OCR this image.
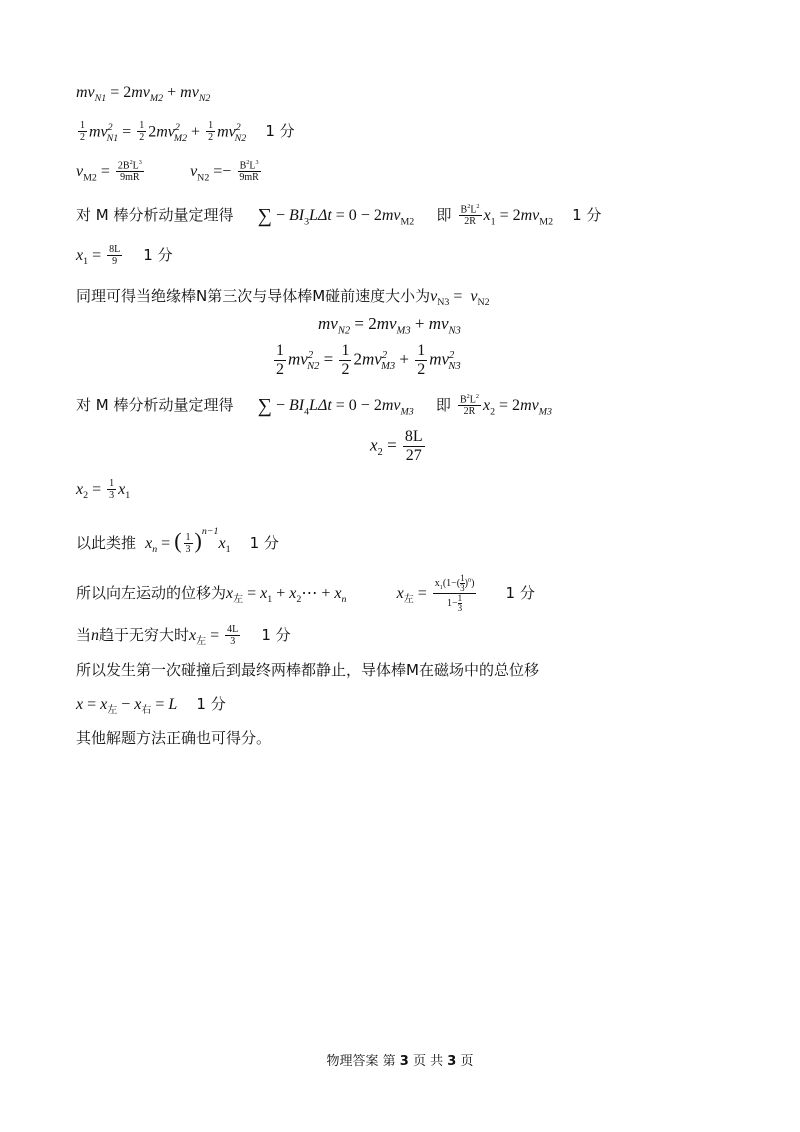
$mv_{N1} = 2mv_{M2} + mv_{N2}$
$\frac{1}{2} mv^2_{N1} = \frac{1}{2} 2mv^2_{M2} + \frac{1}{2} mv^2_{N2}$ 1 分
$v_{M2} = \frac{2B^2L^3}{9mR}$	$v_{N2} =- \frac{B^2L^3}{9mR}$
对 M 棒分析动量定理得 ∑ − $BI_3L\Delta t = 0 - 2mv_{M2}$ 即 $\frac{B^2L^2}{2R} x_1 = 2mv_{M2}$ 1 分
$x_1 = \frac{8L}{9} 1$ 分
同理可得当绝缘棒N第三次与导体棒M碰前速度大小为$v_{N3} = v_{N2}$
$mv_{N2} = 2mv_{M3} + mv_{N3}$
$\frac{1}{2} mv^2_{N2} = \frac{1}{2} 2mv^2_{M3} + \frac{1}{2} mv^2_{N3}$
对 M 棒分析动量定理得 ∑ − $BI_4L\Delta t = 0 - 2mv_{M3}$ 即 $\frac{B^2L^2}{2R} x_2 = 2mv_{M3}$
$x_2 = \frac{8L}{27}$
$x_2 = \frac{1}{3} x_1$
以此类推  $x_n$ = ( $\frac{1}{3} )^{n-1}x_1$ 1 分
所以向左运动的位移为$x_左 = x_1$ + $x_2\cdots + x_n$	$x_左 = \frac{x_1(1-( \frac{1}{3} )^n)}{1- \frac{1}{3}} 1$ 分
当n趋于无穷大时$x_左 = \frac{4L}{3} 1$ 分
所以发生第一次碰撞后到最终两棒都静止，导体棒M在磁场中的总位移
$x = x_左 - x_右 = L$ 1 分
其他解题方法正确也可得分。
物理答案 第 3 页 共 3 页
